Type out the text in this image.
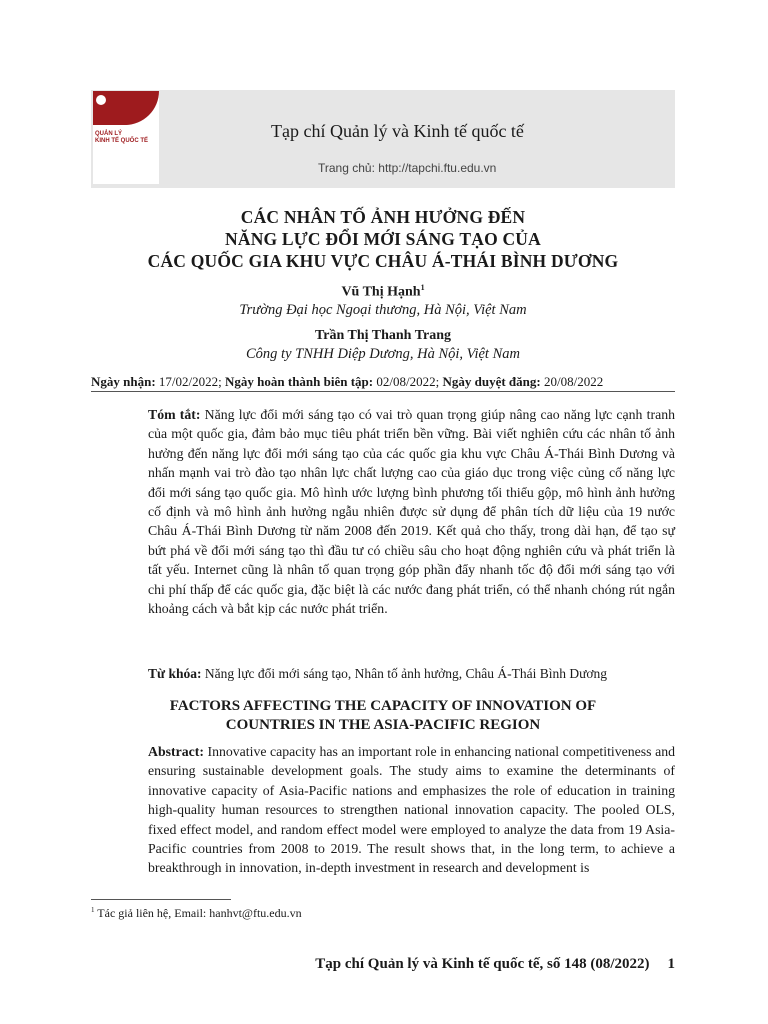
QUẢN LÝ
KINH TẾ QUỐC TẾ	Tạp chí Quản lý và Kinh tế quốc tế
Trang chủ: http://tapchi.ftu.edu.vn
CÁC NHÂN TỐ ẢNH HƯỞNG ĐẾN
NĂNG LỰC ĐỔI MỚI SÁNG TẠO CỦA
CÁC QUỐC GIA KHU VỰC CHÂU Á-THÁI BÌNH DƯƠNG
Vũ Thị Hạnh$^1$
Trường Đại học Ngoại thương, Hà Nội, Việt Nam
Trần Thị Thanh Trang
Công ty TNHH Diệp Dương, Hà Nội, Việt Nam
Ngày nhận: 17/02/2022; Ngày hoàn thành biên tập: 02/08/2022; Ngày duyệt đăng: 20/08/2022
Tóm tắt: Năng lực đổi mới sáng tạo có vai trò quan trọng giúp nâng cao năng lực cạnh tranh của một quốc gia, đảm bảo mục tiêu phát triển bền vững. Bài viết nghiên cứu các nhân tố ảnh hưởng đến năng lực đổi mới sáng tạo của các quốc gia khu vực Châu Á-Thái Bình Dương và nhấn mạnh vai trò đào tạo nhân lực chất lượng cao của giáo dục trong việc củng cố năng lực đổi mới sáng tạo quốc gia. Mô hình ước lượng bình phương tối thiểu gộp, mô hình ảnh hưởng cố định và mô hình ảnh hưởng ngẫu nhiên được sử dụng để phân tích dữ liệu của 19 nước Châu Á-Thái Bình Dương từ năm 2008 đến 2019. Kết quả cho thấy, trong dài hạn, để tạo sự bứt phá về đổi mới sáng tạo thì đầu tư có chiều sâu cho hoạt động nghiên cứu và phát triển là tất yếu. Internet cũng là nhân tố quan trọng góp phần đẩy nhanh tốc độ đổi mới sáng tạo với chi phí thấp để các quốc gia, đặc biệt là các nước đang phát triển, có thể nhanh chóng rút ngắn khoảng cách và bắt kịp các nước phát triển.
Từ khóa: Năng lực đổi mới sáng tạo, Nhân tố ảnh hưởng, Châu Á-Thái Bình Dương
FACTORS AFFECTING THE CAPACITY OF INNOVATION OF
COUNTRIES IN THE ASIA-PACIFIC REGION
Abstract: Innovative capacity has an important role in enhancing national competitiveness and ensuring sustainable development goals. The study aims to examine the determinants of innovative capacity of Asia-Pacific nations and emphasizes the role of education in training high-quality human resources to strengthen national innovation capacity. The pooled OLS, fixed effect model, and random effect model were employed to analyze the data from 19 Asia-Pacific countries from 2008 to 2019. The result shows that, in the long term, to achieve a breakthrough in innovation, in-depth investment in research and development is
$^1$ Tác giả liên hệ, Email: hanhvt@ftu.edu.vn
Tạp chí Quản lý và Kinh tế quốc tế, số 148 (08/2022) 1
